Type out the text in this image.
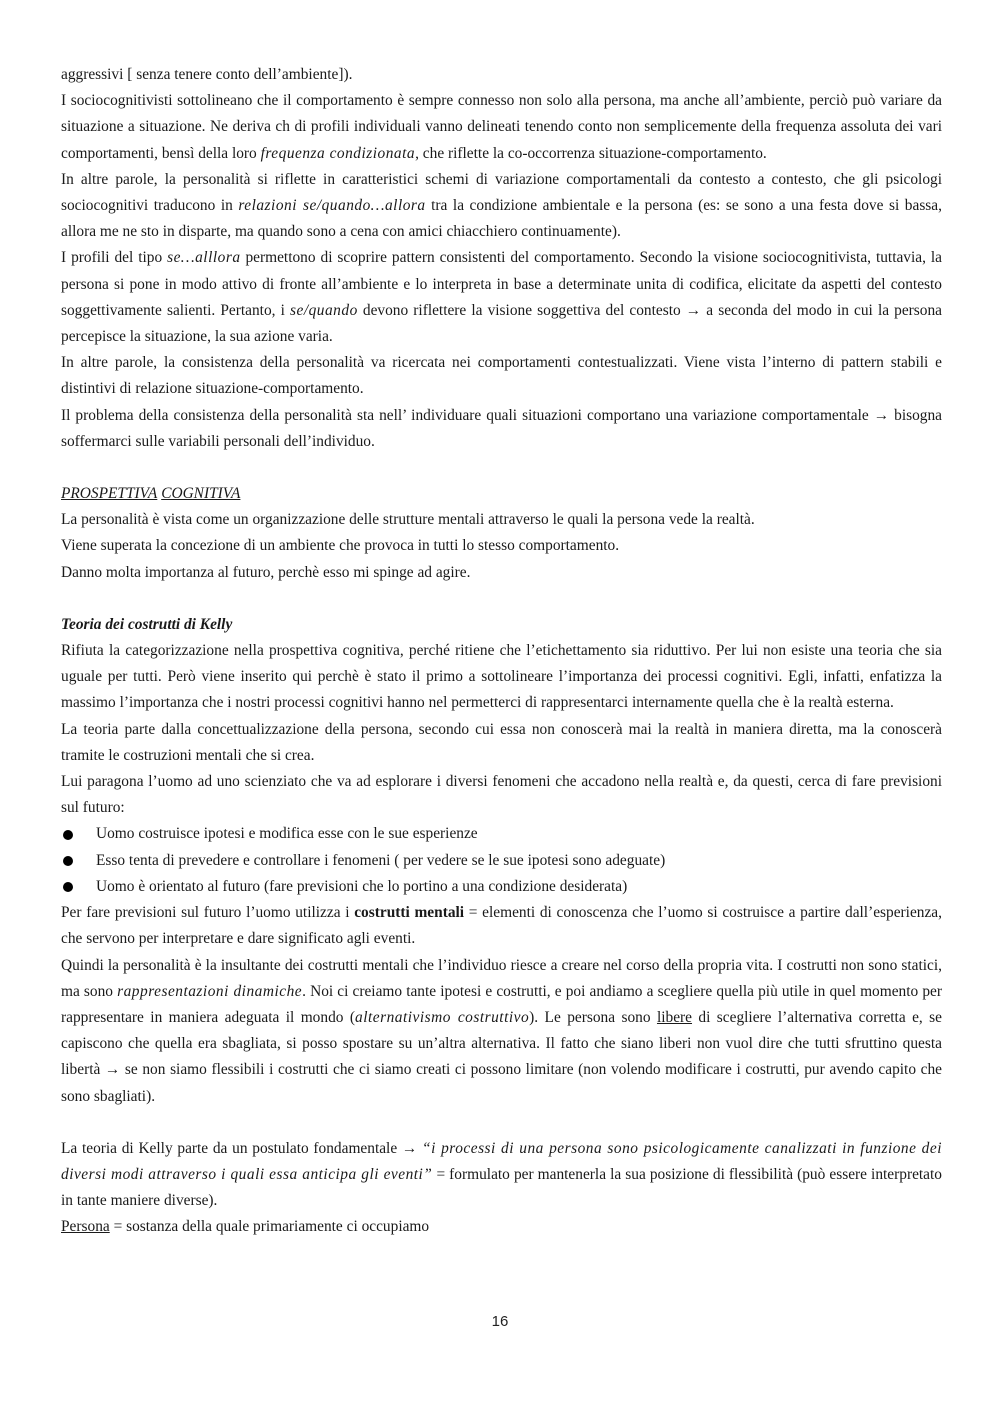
aggressivi [ senza tenere conto dell’ambiente]).

I sociocognitivisti sottolineano che il comportamento è sempre connesso non solo alla persona, ma anche all’ambiente, perciò può variare da situazione a situazione. Ne deriva ch di profili individuali vanno delineati tenendo conto non semplicemente della frequenza assoluta dei vari comportamenti, bensì della loro frequenza condizionata, che riflette la co-occorrenza situazione-comportamento.

In altre parole, la personalità si riflette in caratteristici schemi di variazione comportamentali da contesto a contesto, che gli psicologi sociocognitivi traducono in relazioni se/quando…allora tra la condizione ambientale e la persona (es: se sono a una festa dove si bassa, allora me ne sto in disparte, ma quando sono a cena con amici chiacchiero continuamente).

I profili del tipo se…alllora permettono di scoprire pattern consistenti del comportamento. Secondo la visione sociocognitivista, tuttavia, la persona si pone in modo attivo di fronte all’ambiente e lo interpreta in base a determinate unita di codifica, elicitate da aspetti del contesto soggettivamente salienti. Pertanto, i se/quando devono riflettere la visione soggettiva del contesto → a seconda del modo in cui la persona percepisce la situazione, la sua azione varia.

In altre parole, la consistenza della personalità va ricercata nei comportamenti contestualizzati. Viene vista l’interno di pattern stabili e distintivi di relazione situazione-comportamento.

Il problema della consistenza della personalità sta nell’ individuare quali situazioni comportano una variazione comportamentale → bisogna soffermarci sulle variabili personali dell’individuo.

PROSPETTIVA COGNITIVA

La personalità è vista come un organizzazione delle strutture mentali attraverso le quali la persona vede la realtà.

Viene superata la concezione di un ambiente che provoca in tutti lo stesso comportamento.

Danno molta importanza al futuro, perchè esso mi spinge ad agire.

Teoria dei costrutti di Kelly

Rifiuta la categorizzazione nella prospettiva cognitiva, perché ritiene che l’etichettamento sia riduttivo. Per lui non esiste una teoria che sia uguale per tutti. Però viene inserito qui perchè è stato il primo a sottolineare l’importanza dei processi cognitivi. Egli, infatti, enfatizza la massimo l’importanza che i nostri processi cognitivi hanno nel permetterci di rappresentarci internamente quella che è la realtà esterna.

La teoria parte dalla concettualizzazione della persona, secondo cui essa non conoscerà mai la realtà in maniera diretta, ma la conoscerà tramite le costruzioni mentali che si crea.

Lui paragona l’uomo ad uno scienziato che va ad esplorare i diversi fenomeni che accadono nella realtà e, da questi, cerca di fare previsioni sul futuro:

Uomo costruisce ipotesi e modifica esse con le sue esperienze
Esso tenta di prevedere e controllare i fenomeni ( per vedere se le sue ipotesi sono adeguate)
Uomo è orientato al futuro (fare previsioni che lo portino a una condizione desiderata)

Per fare previsioni sul futuro l’uomo utilizza i costrutti mentali = elementi di conoscenza che l’uomo si costruisce a partire dall’esperienza, che servono per interpretare e dare significato agli eventi.

Quindi la personalità è la insultante dei costrutti mentali che l’individuo riesce a creare nel corso della propria vita. I costrutti non sono statici, ma sono rappresentazioni dinamiche. Noi ci creiamo tante ipotesi e costrutti, e poi andiamo a scegliere quella più utile in quel momento per rappresentare in maniera adeguata il mondo (alternativismo costruttivo). Le persona sono libere di scegliere l’alternativa corretta e, se capiscono che quella era sbagliata, si posso spostare su un’altra alternativa. Il fatto che siano liberi non vuol dire che tutti sfruttino questa libertà → se non siamo flessibili i costrutti che ci siamo creati ci possono limitare (non volendo modificare i costrutti, pur avendo capito che sono sbagliati).

La teoria di Kelly parte da un postulato fondamentale → “i processi di una persona sono psicologicamente canalizzati in funzione dei diversi modi attraverso i quali essa anticipa gli eventi” = formulato per mantenerla la sua posizione di flessibilità (può essere interpretato in tante maniere diverse).

Persona = sostanza della quale primariamente ci occupiamo

16
